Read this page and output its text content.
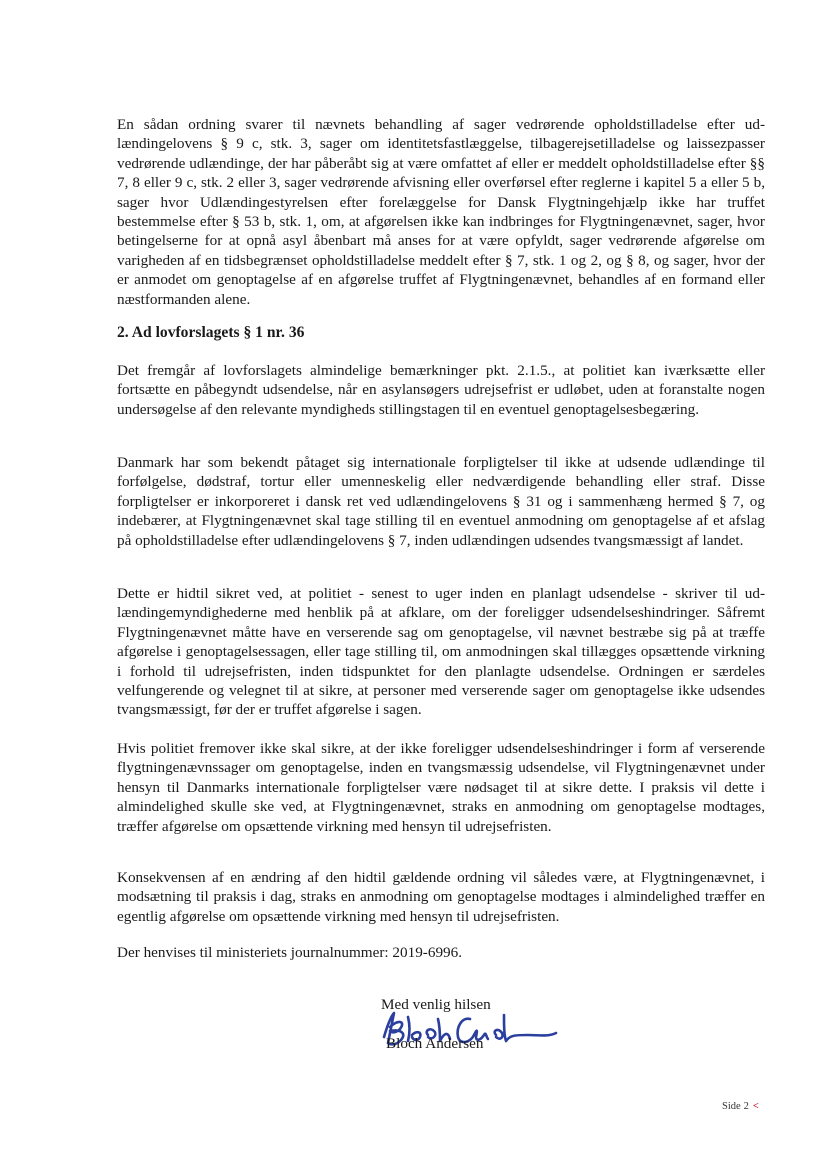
En sådan ordning svarer til nævnets behandling af sager vedrørende opholdstilladelse efter udlændingelovens § 9 c, stk. 3, sager om identitetsfastlæggelse, tilbagerejsetilladelse og laissezpasser vedrørende udlændinge, der har påberåbt sig at være omfattet af eller er meddelt opholdstilladelse efter §§ 7, 8 eller 9 c, stk. 2 eller 3, sager vedrørende afvisning eller overførsel efter reglerne i kapitel 5 a eller 5 b, sager hvor Udlændingestyrelsen efter forelæggelse for Dansk Flygtningehjælp ikke har truffet bestemmelse efter § 53 b, stk. 1, om, at afgørelsen ikke kan indbringes for Flygtningenævnet, sager, hvor betingelserne for at opnå asyl åbenbart må anses for at være opfyldt, sager vedrørende afgørelse om varigheden af en tidsbegrænset opholdstilladelse meddelt efter § 7, stk. 1 og 2, og § 8, og sager, hvor der er anmodet om genoptagelse af en afgørelse truffet af Flygtningenævnet, behandles af en formand eller næstformanden alene.

2. Ad lovforslagets § 1 nr. 36

Det fremgår af lovforslagets almindelige bemærkninger pkt. 2.1.5., at politiet kan iværksætte eller fortsætte en påbegyndt udsendelse, når en asylansøgers udrejsefrist er udløbet, uden at foranstalte nogen undersøgelse af den relevante myndigheds stillingstagen til en eventuel genoptagelsesbegæring.

Danmark har som bekendt påtaget sig internationale forpligtelser til ikke at udsende udlændinge til forfølgelse, dødstraf, tortur eller umenneskelig eller nedværdigende behandling eller straf. Disse forpligtelser er inkorporeret i dansk ret ved udlændingelovens § 31 og i sammenhæng hermed § 7, og indebærer, at Flygtningenævnet skal tage stilling til en eventuel anmodning om genoptagelse af et afslag på opholdstilladelse efter udlændingelovens § 7, inden udlændingen udsendes tvangsmæssigt af landet.

Dette er hidtil sikret ved, at politiet - senest to uger inden en planlagt udsendelse - skriver til udlændingemyndighederne med henblik på at afklare, om der foreligger udsendelseshindringer. Såfremt Flygtningenævnet måtte have en verserende sag om genoptagelse, vil nævnet bestræbe sig på at træffe afgørelse i genoptagelsessagen, eller tage stilling til, om anmodningen skal tillægges opsættende virkning i forhold til udrejsefristen, inden tidspunktet for den planlagte udsendelse. Ordningen er særdeles velfungerende og velegnet til at sikre, at personer med verserende sager om genoptagelse ikke udsendes tvangsmæssigt, før der er truffet afgørelse i sagen.

Hvis politiet fremover ikke skal sikre, at der ikke foreligger udsendelseshindringer i form af verserende flygtningenævnssager om genoptagelse, inden en tvangsmæssig udsendelse, vil Flygtningenævnet under hensyn til Danmarks internationale forpligtelser være nødsaget til at sikre dette. I praksis vil dette i almindelighed skulle ske ved, at Flygtningenævnet, straks en anmodning om genoptagelse modtages, træffer afgørelse om opsættende virkning med hensyn til udrejsefristen.

Konsekvensen af en ændring af den hidtil gældende ordning vil således være, at Flygtningenævnet, i modsætning til praksis i dag, straks en anmodning om genoptagelse modtages i almindelighed træffer en egentlig afgørelse om opsættende virkning med hensyn til udrejsefristen.

Der henvises til ministeriets journalnummer: 2019-6996.

Med venlig hilsen

Bloch Andersen

Side 2 <
